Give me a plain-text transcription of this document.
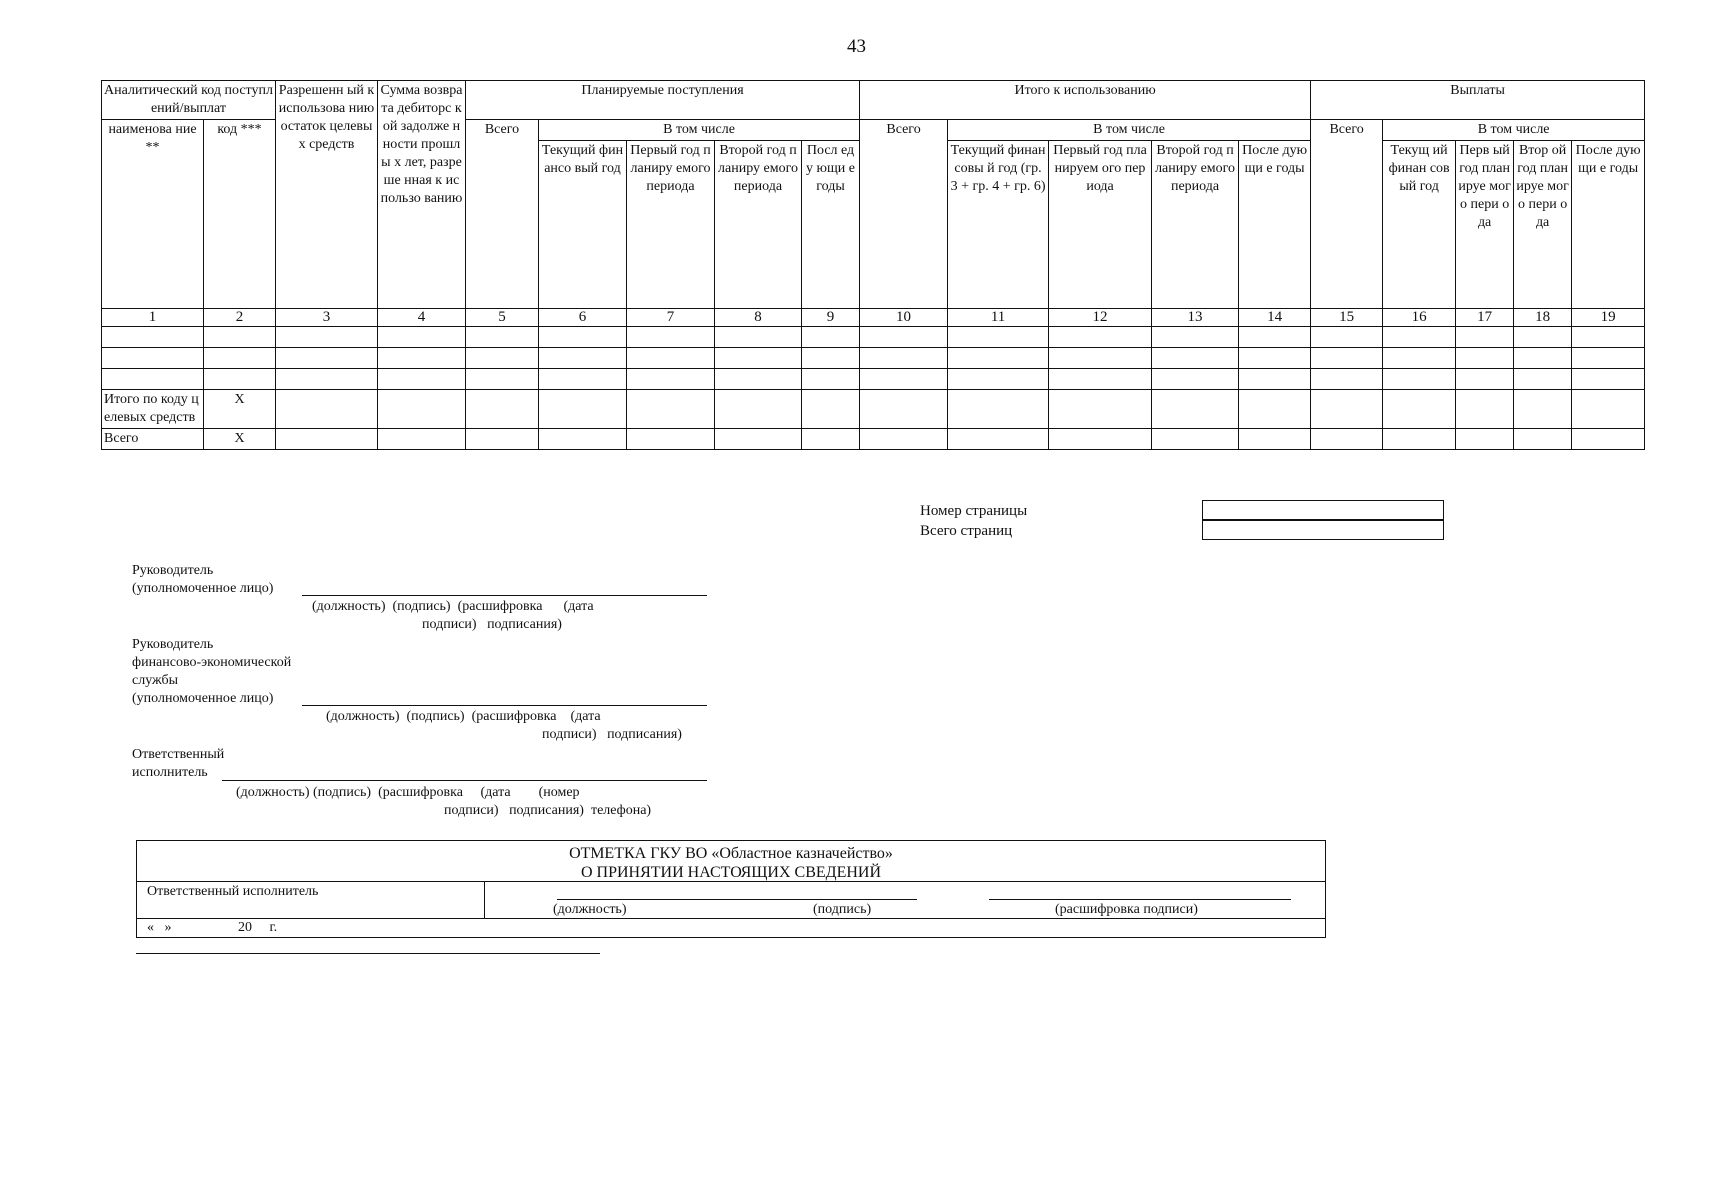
43
Аналитический код поступлений/выплат		Разрешенн ый к использова нию остаток целевых средств	Сумма возврата дебиторс кой задолже нности прошлы х лет, разреше нная к использо ванию	Планируемые поступления					Итого к использованию					Выплаты				
наименова ние **	код ***			Всего	В том числе				Всего	В том числе				Всего	В том числе			
					Текущий финансо вый год	Первый год планиру емого периода	Второй год планиру емого периода	Посл еду ющи е годы		Текущий финансовы й год (гр. 3 + гр. 4 + гр. 6)	Первый год планируем ого периода	Второй год планиру емого периода	После дующи е годы		Текущ ий финан совый год	Перв ый год план ируе мого пери ода	Втор ой год план ируе мого пери ода	После дующи е годы
1	2	3	4	5	6	7	8	9	10	11	12	13	14	15	16	17	18	19

Итого по коду целевых средств	X																	
Всего	X																	
Номер страницы
Всего страниц
Руководитель
(уполномоченное лицо)
(должность)  (подпись)  (расшифровка      (дата
подписи)   подписания)
Руководитель
финансово-экономической
службы
(уполномоченное лицо)
(должность)  (подпись)  (расшифровка    (дата
подписи)   подписания)
Ответственный
исполнитель
(должность) (подпись)  (расшифровка     (дата        (номер
подписи)   подписания)  телефона)
ОТМЕТКА ГКУ ВО «Областное казначейство»
О ПРИНЯТИИ НАСТОЯЩИХ СВЕДЕНИЙ
Ответственный исполнитель
(должность)	(подпись)	(расшифровка подписи)
«   »                   20     г.
